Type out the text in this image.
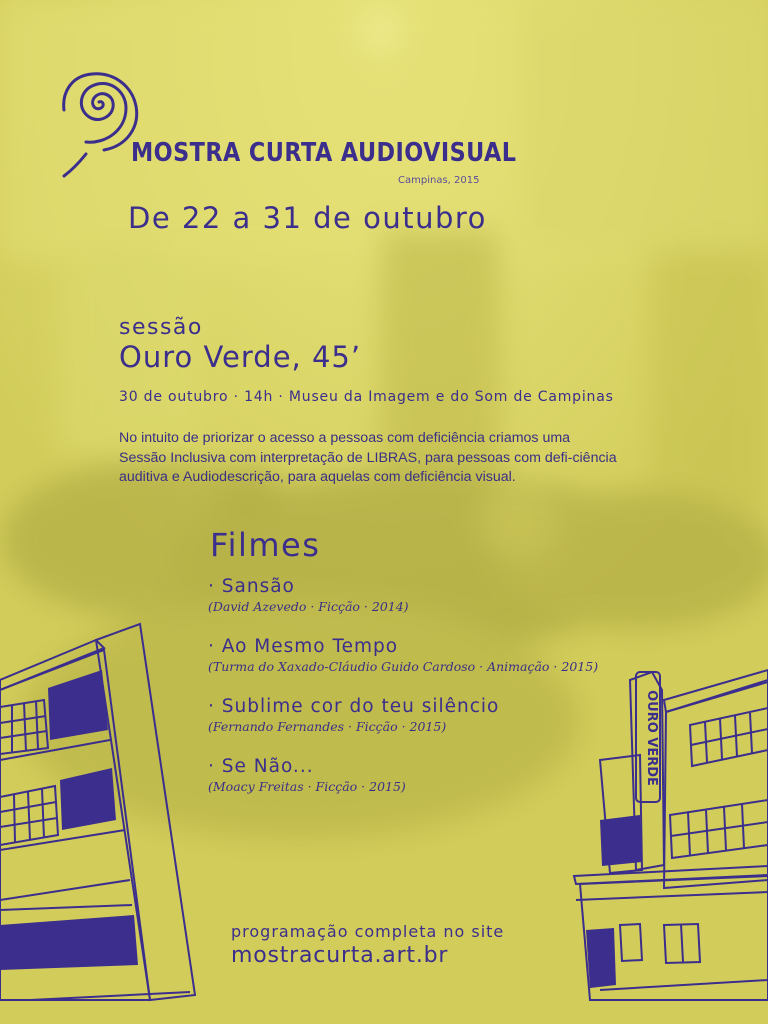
OURO VERDE
MOSTRA CURTA AUDIOVISUAL
Campinas, 2015
De 22 a 31 de outubro
sessão
Ouro Verde, 45’
30 de outubro · 14h · Museu da Imagem e do Som de Campinas
No intuito de priorizar o acesso a pessoas com deficiência criamos uma Sessão Inclusiva com interpretação de LIBRAS, para pessoas com defi-ciência auditiva e Audiodescrição, para aquelas com deficiência visual.
Filmes
· Sansão
(David Azevedo · Ficção · 2014)
· Ao Mesmo Tempo
(Turma do Xaxado-Cláudio Guido Cardoso · Animação · 2015)
· Sublime cor do teu silêncio
(Fernando Fernandes · Ficção · 2015)
· Se Não...
(Moacy Freitas · Ficção · 2015)
programação completa no site
mostracurta.art.br
